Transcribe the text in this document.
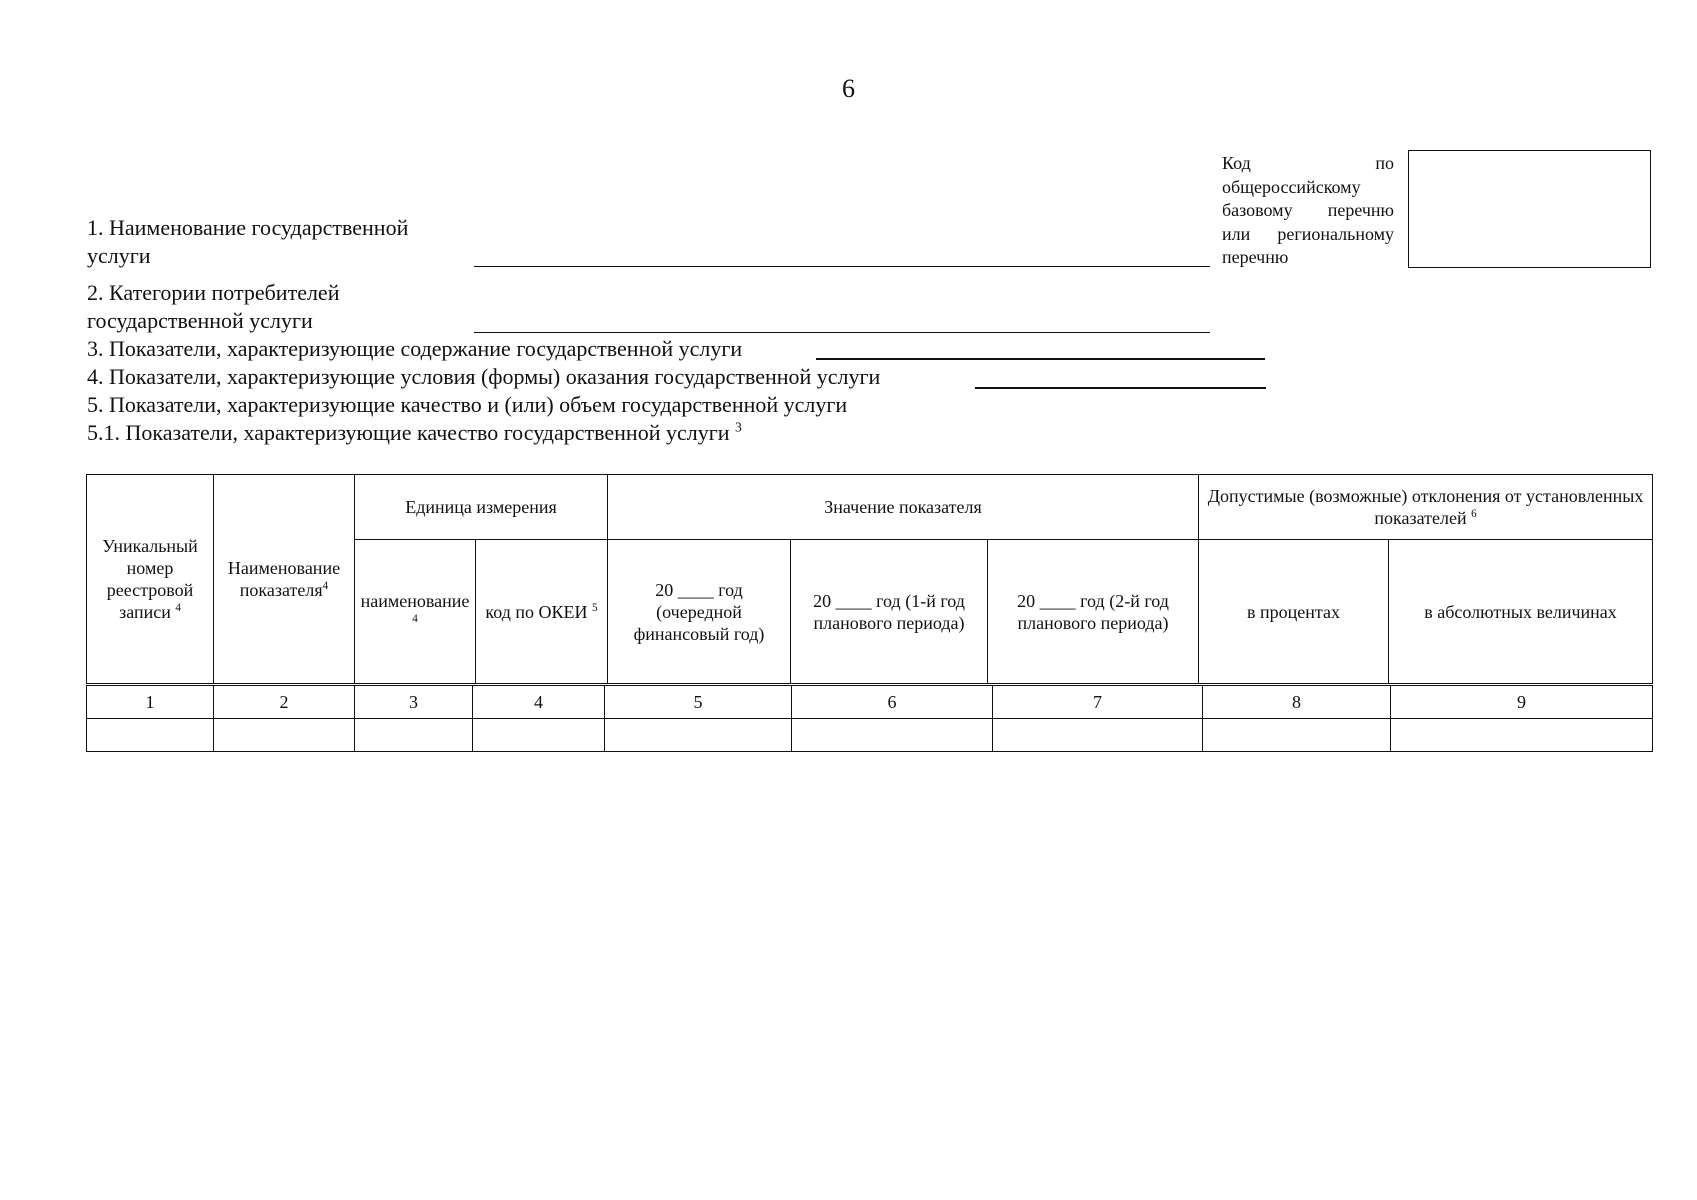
6
Код по
общероссийскому
базовому перечню
или региональному
перечню
1. Наименование государственной
услуги
2. Категории потребителей
государственной услуги
3. Показатели, характеризующие содержание государственной услуги
4. Показатели, характеризующие условия (формы) оказания государственной услуги
5. Показатели, характеризующие качество и (или) объем государственной услуги
5.1. Показатели, характеризующие качество государственной услуги $^3$
Уникальный номер реестровой записи $^4$	Наименование показателя$^4$	Единица измерения		Значение показателя			Допустимые (возможные) отклонения от установленных показателей $^6$
		наименование $^4$	код по ОКЕИ $^5$	20 ____ год (очередной финансовый год)	20 ____ год (1-й год планового периода)	20 ____ год (2-й год планового периода)	в процентах	в абсолютных величинах
1	2	3	4	5	6	7	8	9
